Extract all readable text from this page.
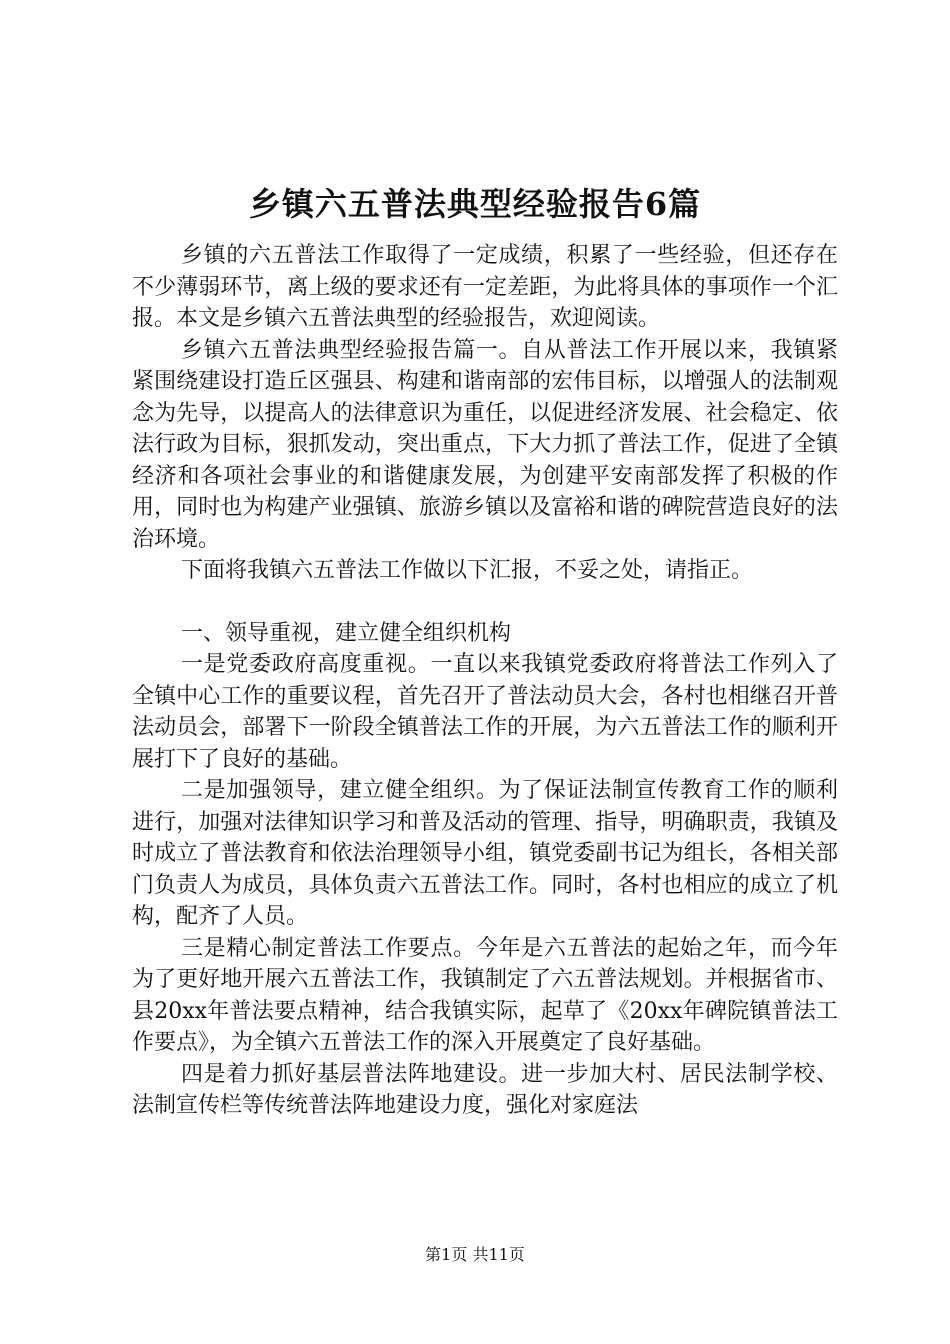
乡镇六五普法典型经验报告6篇

乡镇的六五普法工作取得了一定成绩，积累了一些经验，但还存在不少薄弱环节，离上级的要求还有一定差距，为此将具体的事项作一个汇报。本文是乡镇六五普法典型的经验报告，欢迎阅读。

乡镇六五普法典型经验报告篇一。自从普法工作开展以来，我镇紧紧围绕建设打造丘区强县、构建和谐南部的宏伟目标，以增强人的法制观念为先导，以提高人的法律意识为重任，以促进经济发展、社会稳定、依法行政为目标，狠抓发动，突出重点，下大力抓了普法工作，促进了全镇经济和各项社会事业的和谐健康发展，为创建平安南部发挥了积极的作用，同时也为构建产业强镇、旅游乡镇以及富裕和谐的碑院营造良好的法治环境。

下面将我镇六五普法工作做以下汇报，不妥之处，请指正。

一、领导重视，建立健全组织机构

一是党委政府高度重视。一直以来我镇党委政府将普法工作列入了全镇中心工作的重要议程，首先召开了普法动员大会，各村也相继召开普法动员会，部署下一阶段全镇普法工作的开展，为六五普法工作的顺利开展打下了良好的基础。

二是加强领导，建立健全组织。为了保证法制宣传教育工作的顺利进行，加强对法律知识学习和普及活动的管理、指导，明确职责，我镇及时成立了普法教育和依法治理领导小组，镇党委副书记为组长，各相关部门负责人为成员，具体负责六五普法工作。同时，各村也相应的成立了机构，配齐了人员。

三是精心制定普法工作要点。今年是六五普法的起始之年，而今年为了更好地开展六五普法工作，我镇制定了六五普法规划。并根据省市、县20xx年普法要点精神，结合我镇实际，起草了《20xx年碑院镇普法工作要点》，为全镇六五普法工作的深入开展奠定了良好基础。

四是着力抓好基层普法阵地建设。进一步加大村、居民法制学校、法制宣传栏等传统普法阵地建设力度，强化对家庭法

第1页 共11页
